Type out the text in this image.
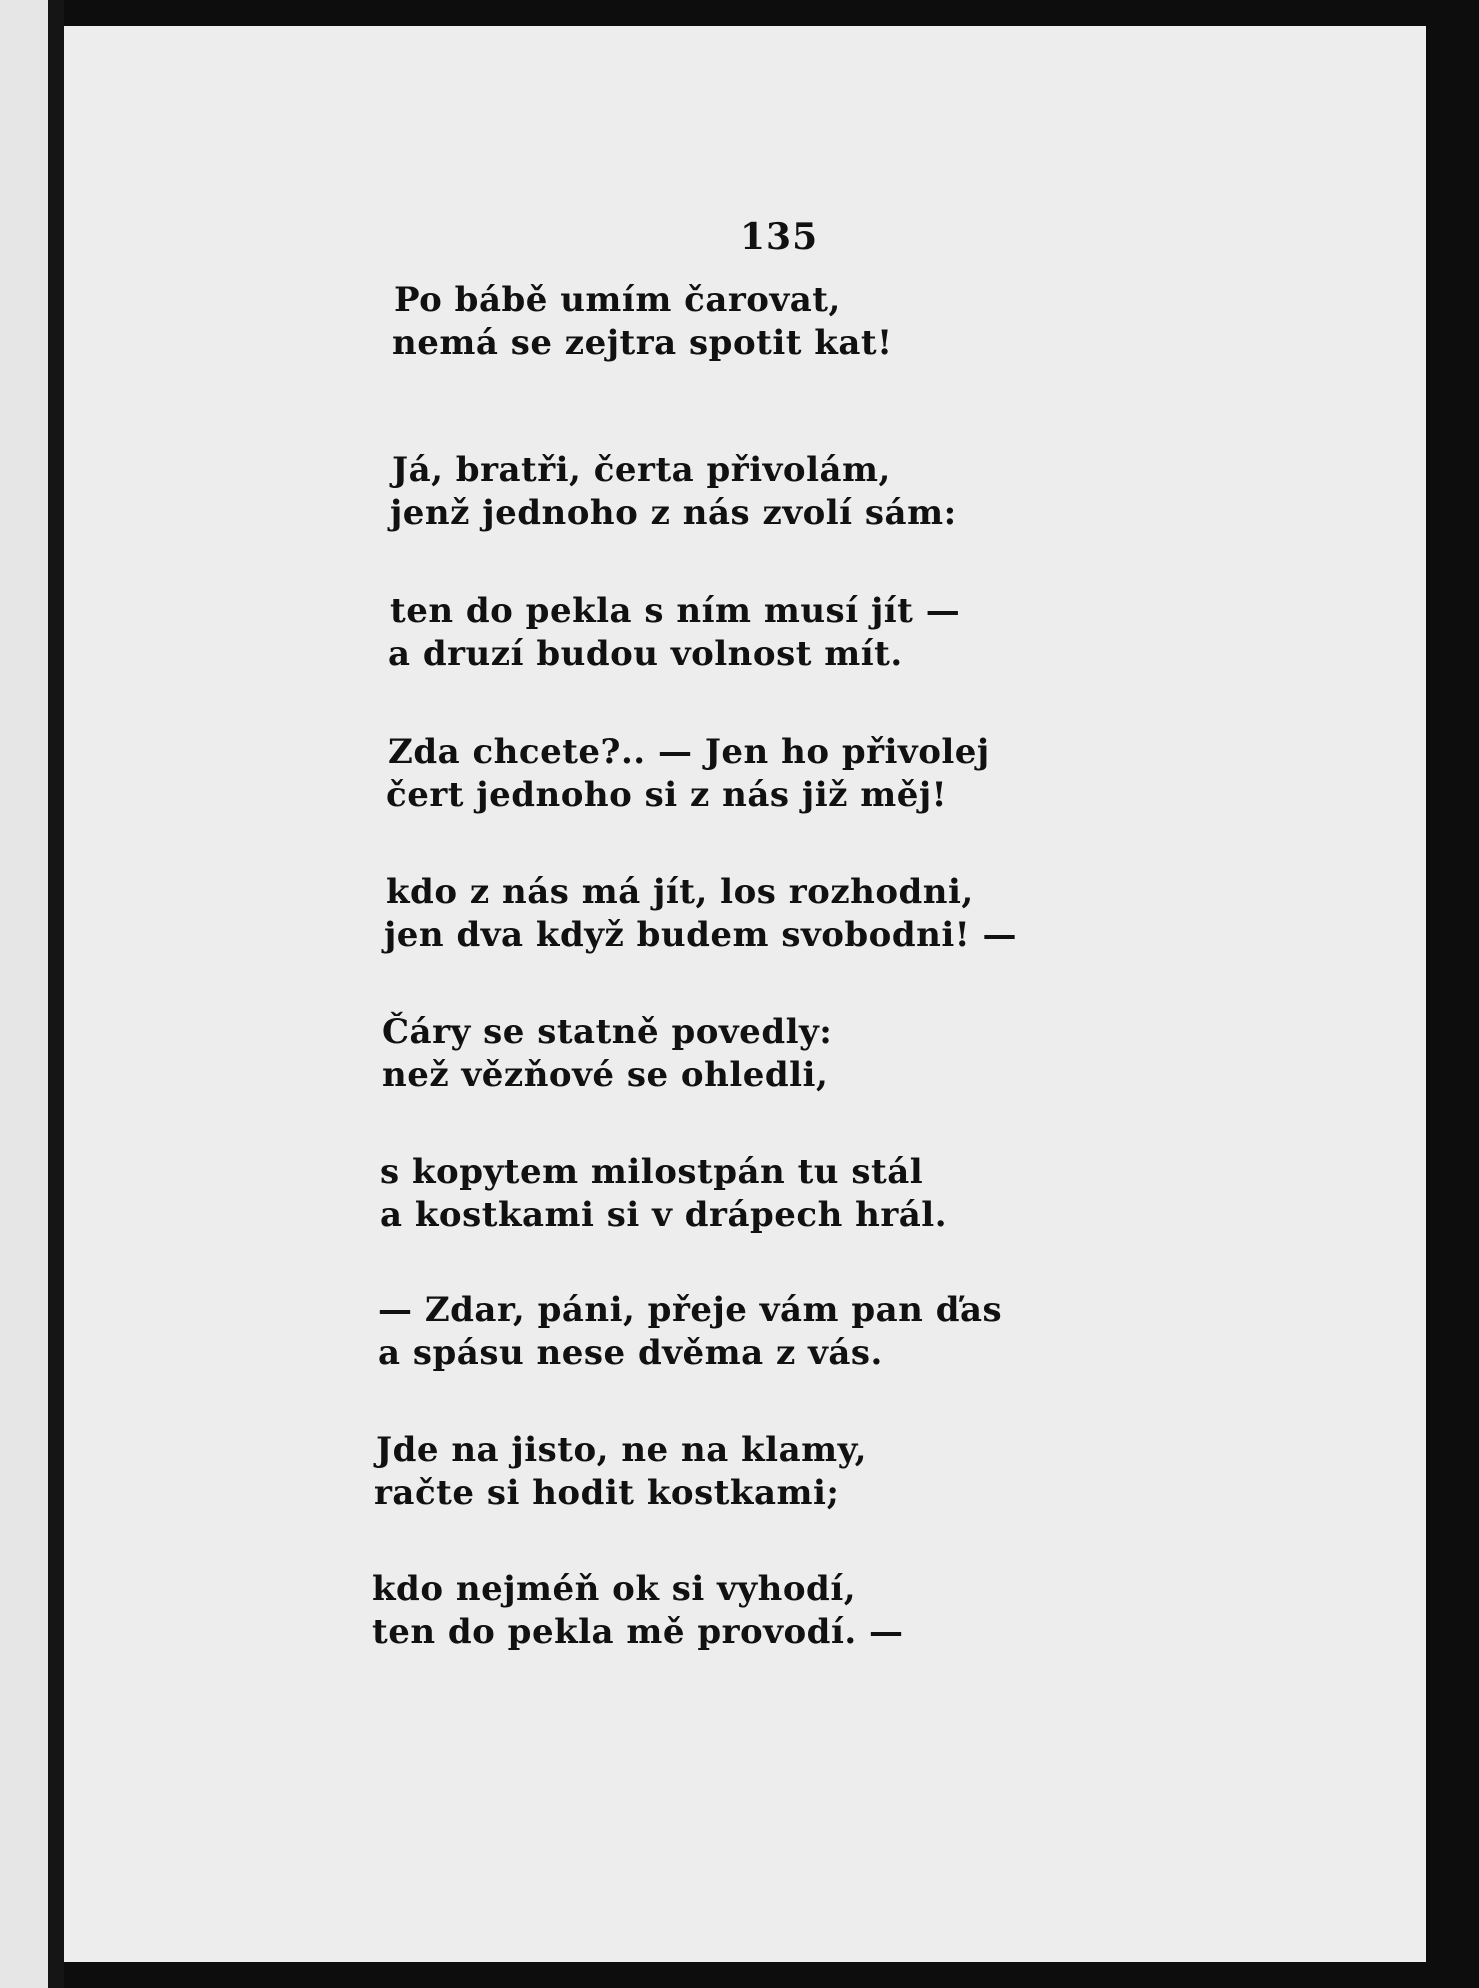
135
Po bábě umím čarovat,
nemá se zejtra spotit kat!
Já, bratři, čerta přivolám,
jenž jednoho z nás zvolí sám:
ten do pekla s ním musí jít —
a druzí budou volnost mít.
Zda chcete?.. — Jen ho přivolej
čert jednoho si z nás již měj!
kdo z nás má jít, los rozhodni,
jen dva když budem svobodni! —
Čáry se statně povedly:
než vězňové se ohledli,
s kopytem milostpán tu stál
a kostkami si v drápech hrál.
— Zdar, páni, přeje vám pan ďas
a spásu nese dvěma z vás.
Jde na jisto, ne na klamy,
račte si hodit kostkami;
kdo nejméň ok si vyhodí,
ten do pekla mě provodí. —
